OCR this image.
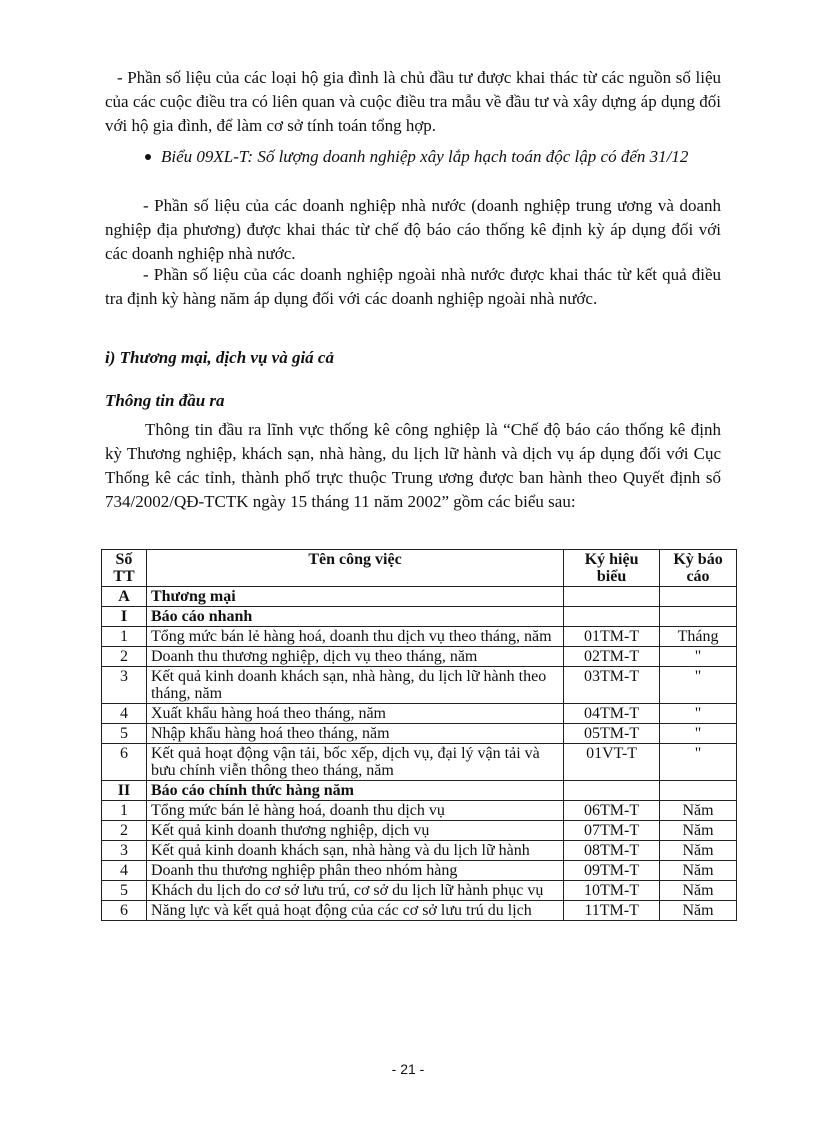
- Phần số liệu của các loại hộ gia đình là chủ đầu tư được khai thác từ các nguồn số liệu của các cuộc điều tra có liên quan và cuộc điều tra mẫu về đầu tư và xây dựng áp dụng đối với hộ gia đình, để làm cơ sở tính toán tổng hợp.

Biểu 09XL-T: Số lượng doanh nghiệp xây lắp hạch toán độc lập có đến 31/12

- Phần số liệu của các doanh nghiệp nhà nước (doanh nghiệp trung ương và doanh nghiệp địa phương) được khai thác từ chế độ báo cáo thống kê định kỳ áp dụng đối với các doanh nghiệp nhà nước.

- Phần số liệu của các doanh nghiệp ngoài nhà nước được khai thác từ kết quả điều tra định kỳ hàng năm áp dụng đối với các doanh nghiệp ngoài nhà nước.

i) Thương mại, dịch vụ và giá cả

Thông tin đầu ra

Thông tin đầu ra lĩnh vực thống kê công nghiệp là “Chế độ báo cáo thống kê định kỳ Thương nghiệp, khách sạn, nhà hàng, du lịch lữ hành và dịch vụ áp dụng đối với Cục Thống kê các tỉnh, thành phố trực thuộc Trung ương được ban hành theo Quyết định số 734/2002/QĐ-TCTK ngày 15 tháng 11 năm 2002” gồm các biểu sau:

Số TT	Tên công việc	Ký hiệu biểu	Kỳ báo cáo
A	Thương mại		
I	Báo cáo nhanh		
1	Tổng mức bán lẻ hàng hoá, doanh thu dịch vụ theo tháng, năm	01TM-T	Tháng
2	Doanh thu thương nghiệp, dịch vụ theo tháng, năm	02TM-T	"
3	Kết quả kinh doanh khách sạn, nhà hàng, du lịch lữ hành theo tháng, năm	03TM-T	"
4	Xuất khẩu hàng hoá theo tháng, năm	04TM-T	"
5	Nhập khẩu hàng hoá theo tháng, năm	05TM-T	"
6	Kết quả hoạt động vận tải, bốc xếp, dịch vụ, đại lý vận tải và bưu chính viễn thông theo tháng, năm	01VT-T	"
II	Báo cáo chính thức hàng năm		
1	Tổng mức bán lẻ hàng hoá, doanh thu dịch vụ	06TM-T	Năm
2	Kết quả kinh doanh thương nghiệp, dịch vụ	07TM-T	Năm
3	Kết quả kinh doanh khách sạn, nhà hàng và du lịch lữ hành	08TM-T	Năm
4	Doanh thu thương nghiệp phân theo nhóm hàng	09TM-T	Năm
5	Khách du lịch do cơ sở lưu trú, cơ sở du lịch lữ hành phục vụ	10TM-T	Năm
6	Năng lực và kết quả hoạt động của các cơ sở lưu trú du lịch	11TM-T	Năm
- 21 -
